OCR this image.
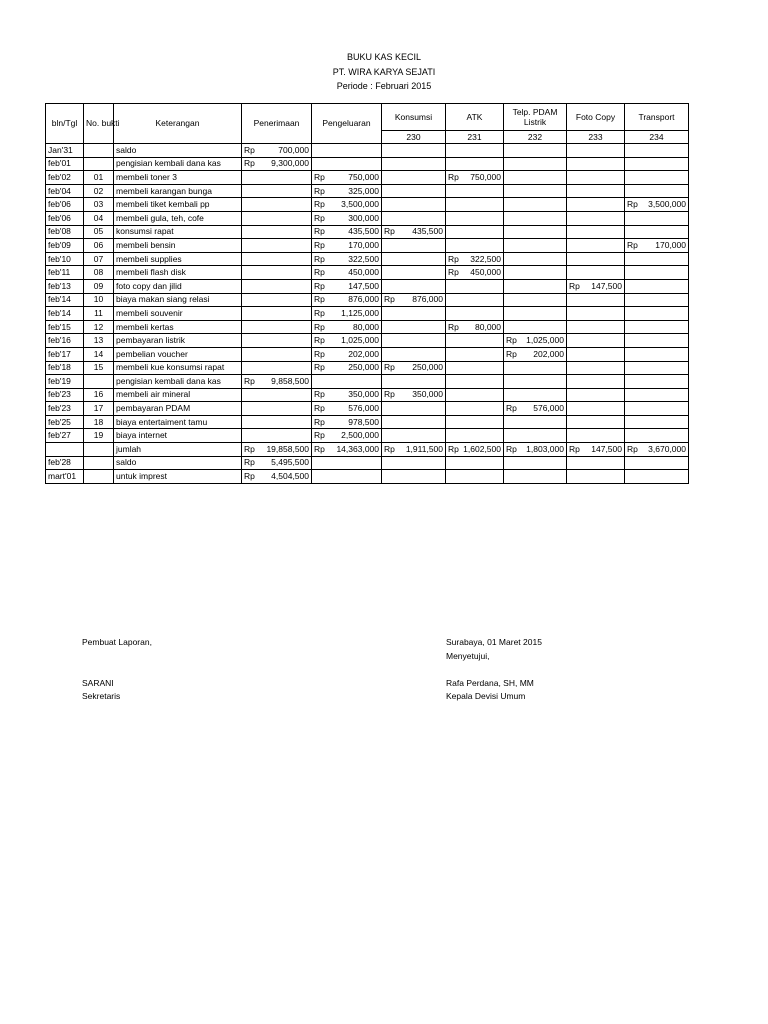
BUKU KAS KECIL
PT. WIRA KARYA SEJATI
Periode : Februari 2015
bln/Tgl	No. bukti	Keterangan	Penerimaan	Pengeluaran	Konsumsi	ATK	Telp. PDAM Listrik	Foto Copy	Transport
					230	231	232	233	234
Jan'31		saldo	Rp 700,000						

feb'01		pengisian kembali dana kas	Rp 9,300,000						

feb'02	01	membeli toner 3		Rp 750,000		Rp 750,000			

feb'04	02	membeli karangan bunga		Rp 325,000					

feb'06	03	membeli tiket kembali pp		Rp 3,500,000					Rp 3,500,000

feb'06	04	membeli gula, teh, cofe		Rp 300,000					

feb'08	05	konsumsi rapat		Rp 435,500	Rp 435,500				

feb'09	06	membeli bensin		Rp 170,000					Rp 170,000

feb'10	07	membeli supplies		Rp 322,500		Rp 322,500			

feb'11	08	membeli flash disk		Rp 450,000		Rp 450,000			

feb'13	09	foto copy dan jilid		Rp 147,500				Rp 147,500	

feb'14	10	biaya makan siang relasi		Rp 876,000	Rp 876,000				

feb'14	11	membeli souvenir		Rp 1,125,000					

feb'15	12	membeli kertas		Rp 80,000		Rp 80,000			

feb'16	13	pembayaran listrik		Rp 1,025,000			Rp 1,025,000		

feb'17	14	pembelian voucher		Rp 202,000			Rp 202,000		

feb'18	15	membeli kue konsumsi rapat		Rp 250,000	Rp 250,000				

feb'19		pengisian kembali dana kas	Rp 9,858,500						

feb'23	16	membeli air mineral		Rp 350,000	Rp 350,000				

feb'23	17	pembayaran PDAM		Rp 576,000			Rp 576,000		

feb'25	18	biaya entertaiment tamu		Rp 978,500					

feb'27	19	biaya internet		Rp 2,500,000					

		jumlah	Rp 19,858,500	Rp 14,363,000	Rp 1,911,500	Rp 1,602,500	Rp 1,803,000	Rp 147,500	Rp 3,670,000

feb'28		saldo	Rp 5,495,500						

mart'01		untuk imprest	Rp 4,504,500						

Pembuat Laporan,
SARANI
Sekretaris
Surabaya, 01 Maret 2015
Menyetujui,
Rafa Perdana, SH, MM
Kepala Devisi Umum
